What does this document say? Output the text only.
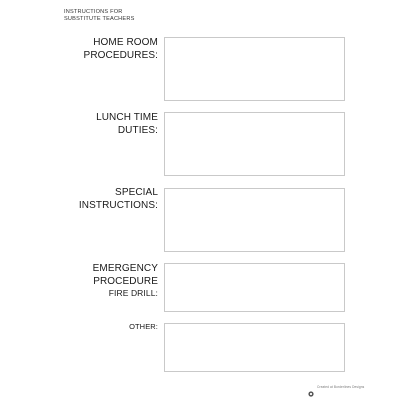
INSTRUCTIONS FOR
SUBSTITUTE TEACHERS
HOME ROOM
PROCEDURES:
LUNCH TIME
DUTIES:
SPECIAL
INSTRUCTIONS:
EMERGENCY
PROCEDURE
FIRE DRILL:
OTHER:
Created at Borderlines Designs
